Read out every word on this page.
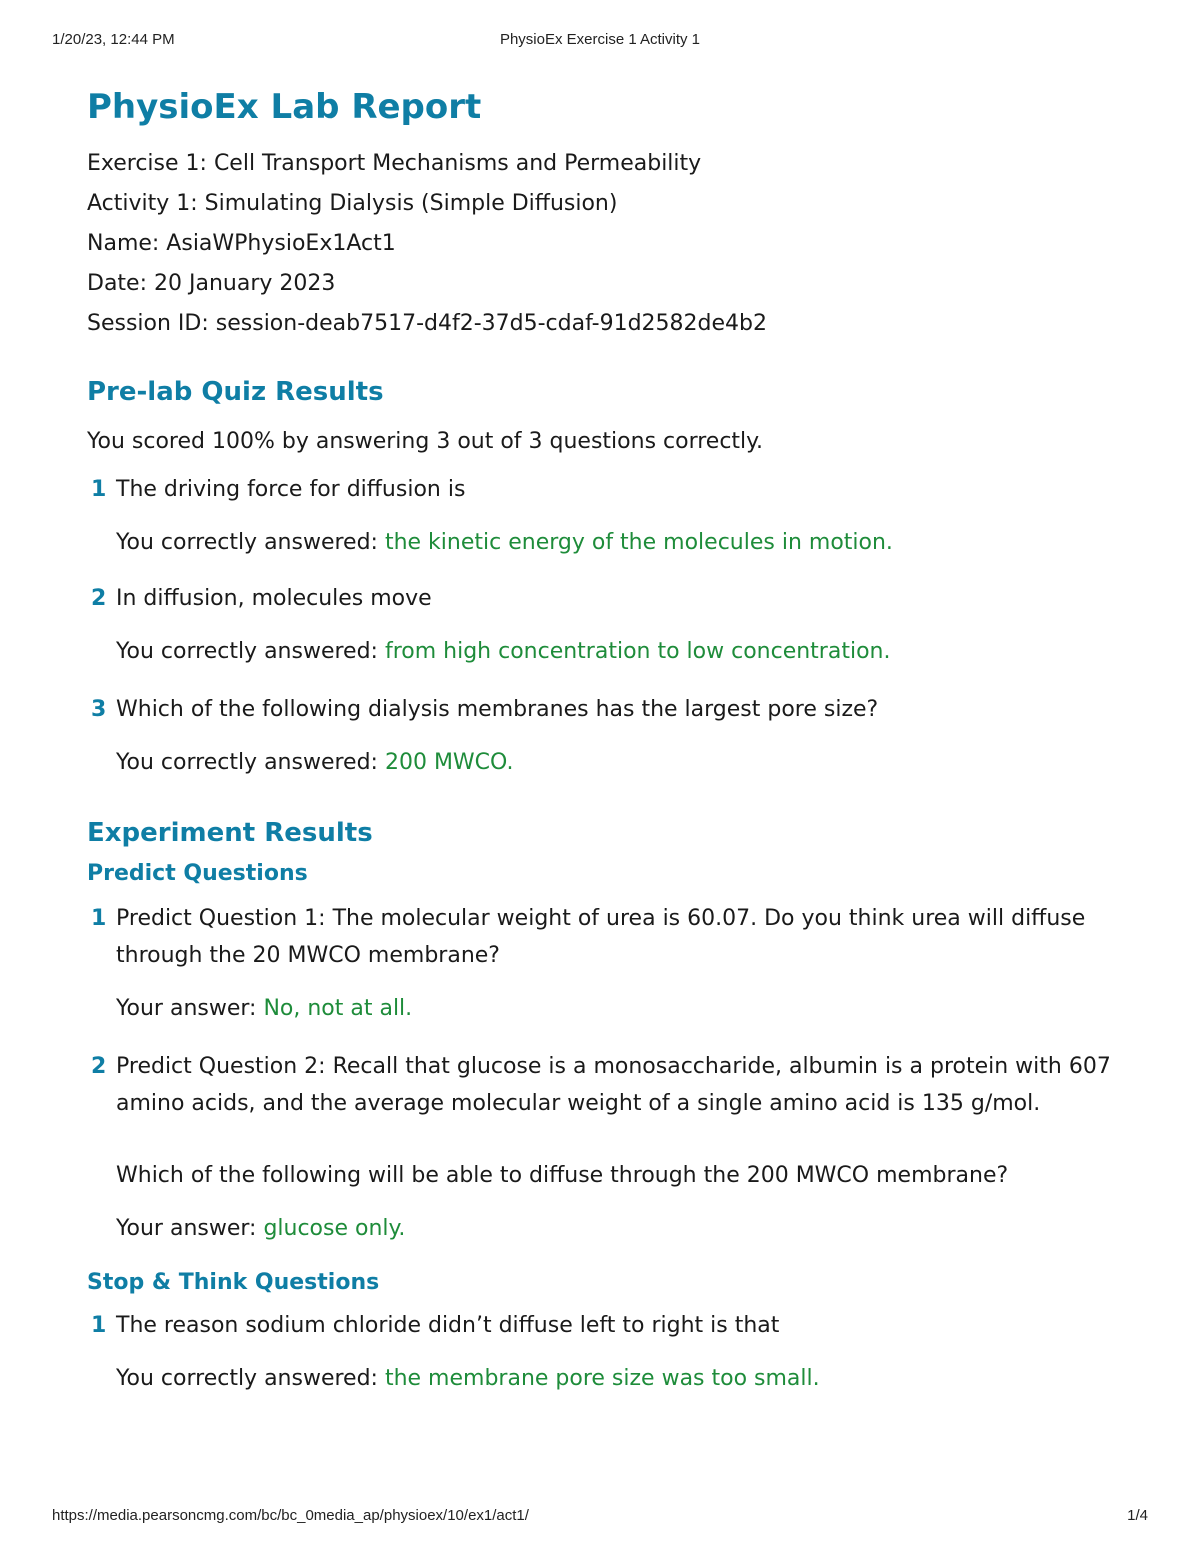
1/20/23, 12:44 PM	PhysioEx Exercise 1 Activity 1
PhysioEx Lab Report
Exercise 1: Cell Transport Mechanisms and Permeability
Activity 1: Simulating Dialysis (Simple Diffusion)
Name: AsiaWPhysioEx1Act1
Date: 20 January 2023
Session ID: session-deab7517-d4f2-37d5-cdaf-91d2582de4b2
Pre-lab Quiz Results
You scored 100% by answering 3 out of 3 questions correctly.
1 The driving force for diffusion is
You correctly answered: the kinetic energy of the molecules in motion.
2 In diffusion, molecules move
You correctly answered: from high concentration to low concentration.
3 Which of the following dialysis membranes has the largest pore size?
You correctly answered: 200 MWCO.
Experiment Results
Predict Questions
1 Predict Question 1: The molecular weight of urea is 60.07. Do you think urea will diffuse through the 20 MWCO membrane?
Your answer: No, not at all.
2 Predict Question 2: Recall that glucose is a monosaccharide, albumin is a protein with 607 amino acids, and the average molecular weight of a single amino acid is 135 g/mol.
Which of the following will be able to diffuse through the 200 MWCO membrane?
Your answer: glucose only.
Stop & Think Questions
1 The reason sodium chloride didn’t diffuse left to right is that
You correctly answered: the membrane pore size was too small.
https://media.pearsoncmg.com/bc/bc_0media_ap/physioex/10/ex1/act1/	1/4
